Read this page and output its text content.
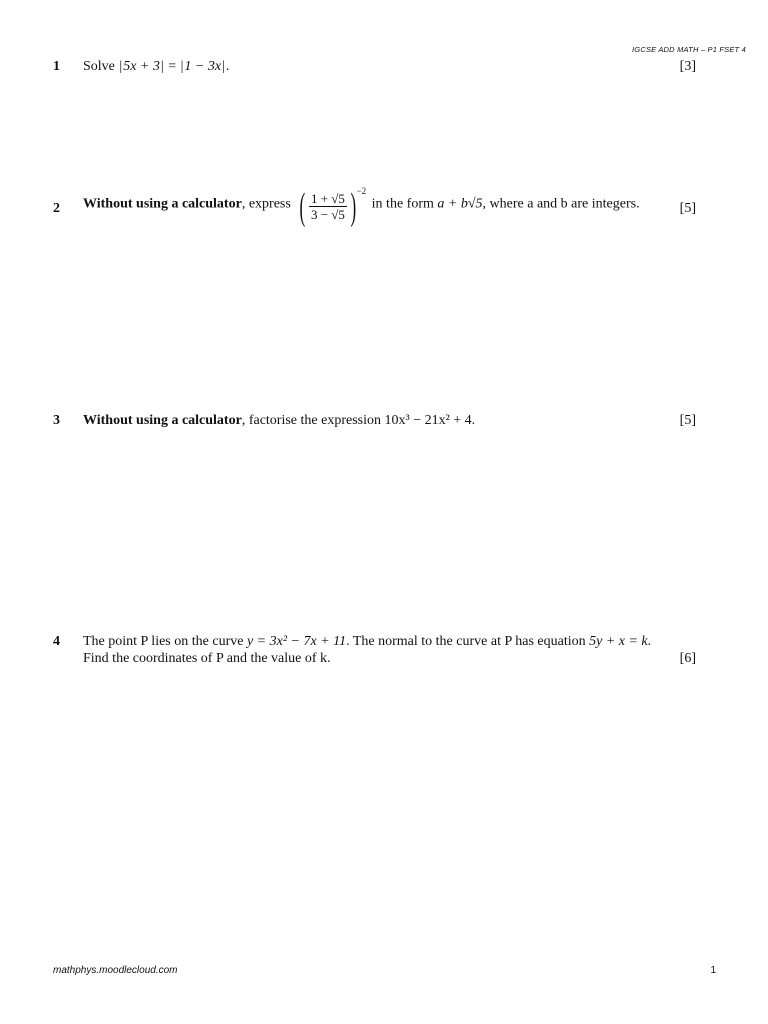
IGCSE ADD MATH – P1 FSET 4
1	Solve |5x + 3| = |1 − 3x|.	[3]
2	Without using a calculator, express ( $\frac{1 + √5}{3 - √5} )^{-2}$ in the form a + b√5, where a and b are integers.	[5]
3	Without using a calculator, factorise the expression 10x³ − 21x² + 4.	[5]
4	The point P lies on the curve y = 3x² − 7x + 11. The normal to the curve at P has equation 5y + x = k.
Find the coordinates of P and the value of k.	[6]
mathphys.moodlecloud.com	1
